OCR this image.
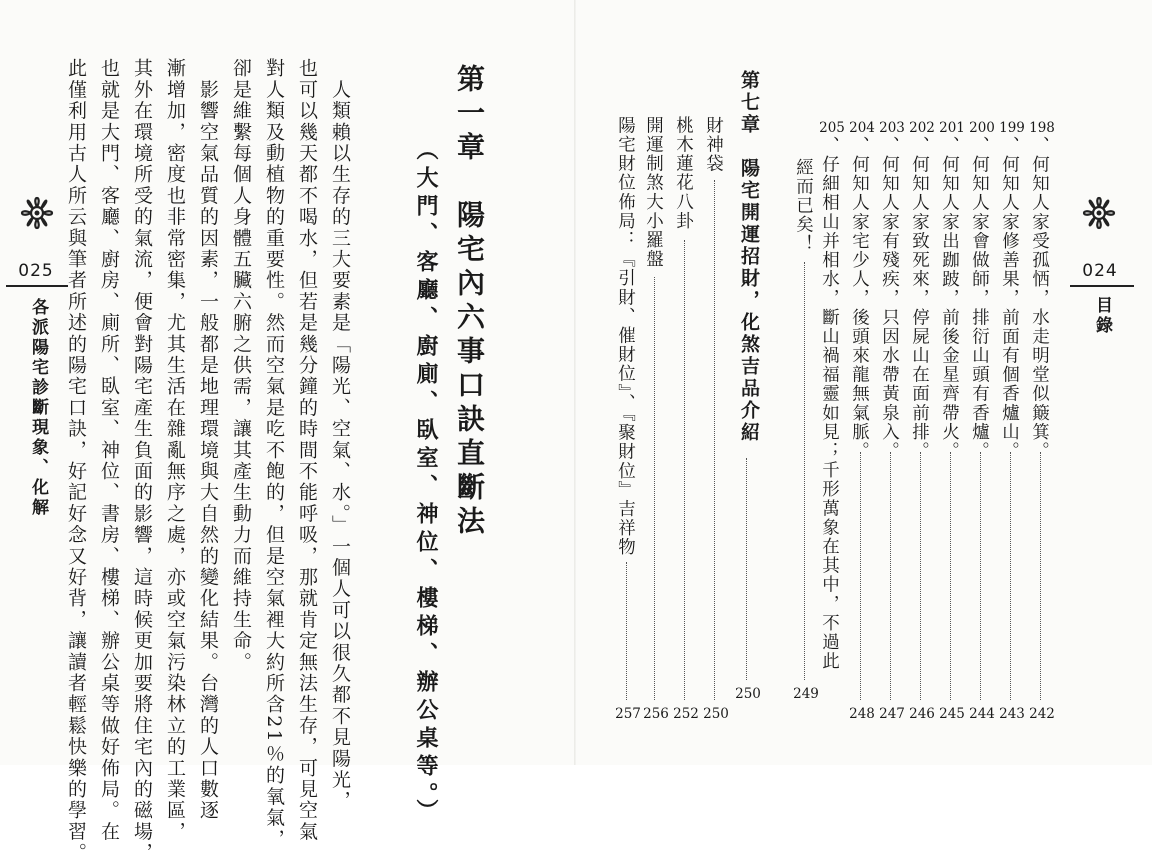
025
各派陽宅診斷現象、化解	第一章　陽宅內六事口訣直斷法
（大門、客廳、廚廁、臥室、神位、樓梯、辦公桌等。）
　人類賴以生存的三大要素是「陽光、空氣、水。」一個人可以很久都不見陽光，
也可以幾天都不喝水，但若是幾分鐘的時間不能呼吸，那就肯定無法生存，可見空氣
對人類及動植物的重要性。然而空氣是吃不飽的，但是空氣裡大約所含21％的氧氣，
卻是維繫每個人身體五臟六腑之供需，讓其產生動力而維持生命。
　影響空氣品質的因素，一般都是地理環境與大自然的變化結果。台灣的人口數逐
漸增加，密度也非常密集，尤其生活在雜亂無序之處，亦或空氣污染林立的工業區，
其外在環境所受的氣流，便會對陽宅產生負面的影響，這時候更加要將住宅內的磁場，
也就是大門、客廳、廚房、廁所、臥室、神位、書房、樓梯、辦公桌等做好佈局。在
此僅利用古人所云與筆者所述的陽宅口訣，好記好念又好背，讓讀者輕鬆快樂的學習。	024
目錄
198
、何知人家受孤恓，水走明堂似簸箕。
242
199
、何知人家修善果，前面有個香爐山。
243
200
、何知人家會做師，排衍山頭有香爐。
244
201
、何知人家出跏跛，前後金星齊帶火。
245
202
、何知人家致死來，停屍山在面前排。
246
203
、何知人家有殘疾，只因水帶黃泉入。
247
204
、何知人家宅少人，後頭來龍無氣脈。
248
205
、仔細相山并相水，斷山禍福靈如見；千形萬象在其中，不過此
經而已矣！
249
第七章　陽宅開運招財，化煞吉品介紹
250
財神袋
250
桃木蓮花八卦
252
開運制煞大小羅盤
256
陽宅財位佈局：『引財、催財位』、『聚財位』吉祥物
257
